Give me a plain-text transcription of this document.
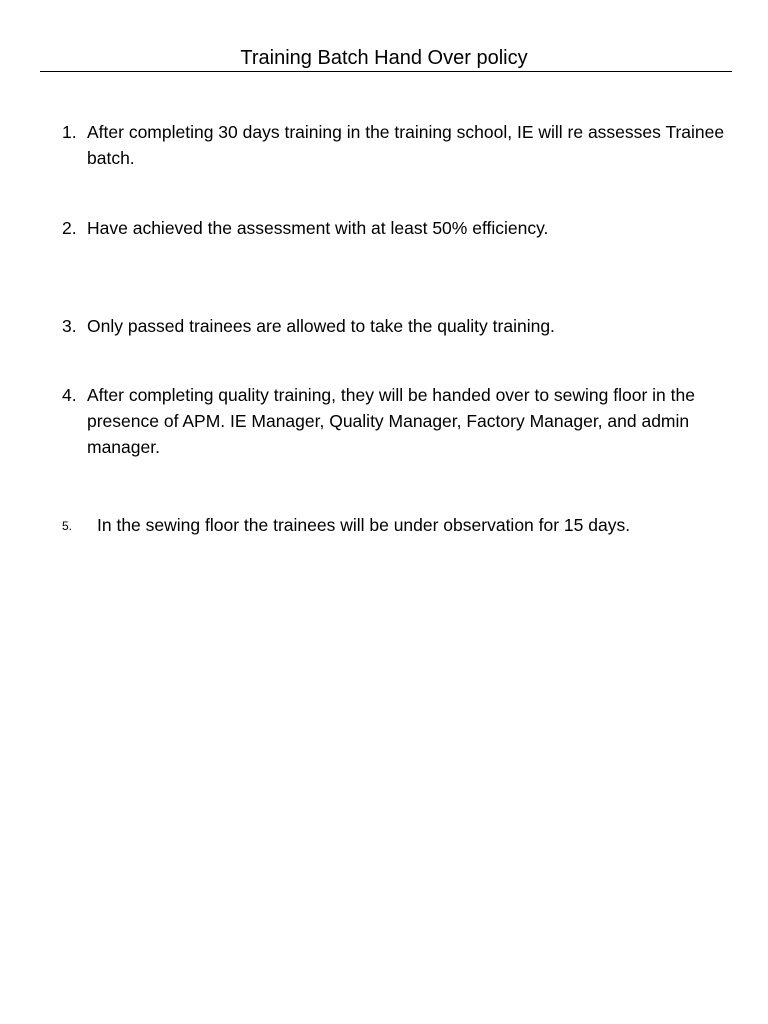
Training Batch Hand Over policy
1. After completing 30 days training in the training school, IE will re assesses Trainee batch.
2. Have achieved the assessment with at least 50% efficiency.
3. Only passed trainees are allowed to take the quality training.
4. After completing quality training, they will be handed over to sewing floor in the presence of APM. IE Manager, Quality Manager, Factory Manager, and admin manager.
5. In the sewing floor the trainees will be under observation for 15 days.
